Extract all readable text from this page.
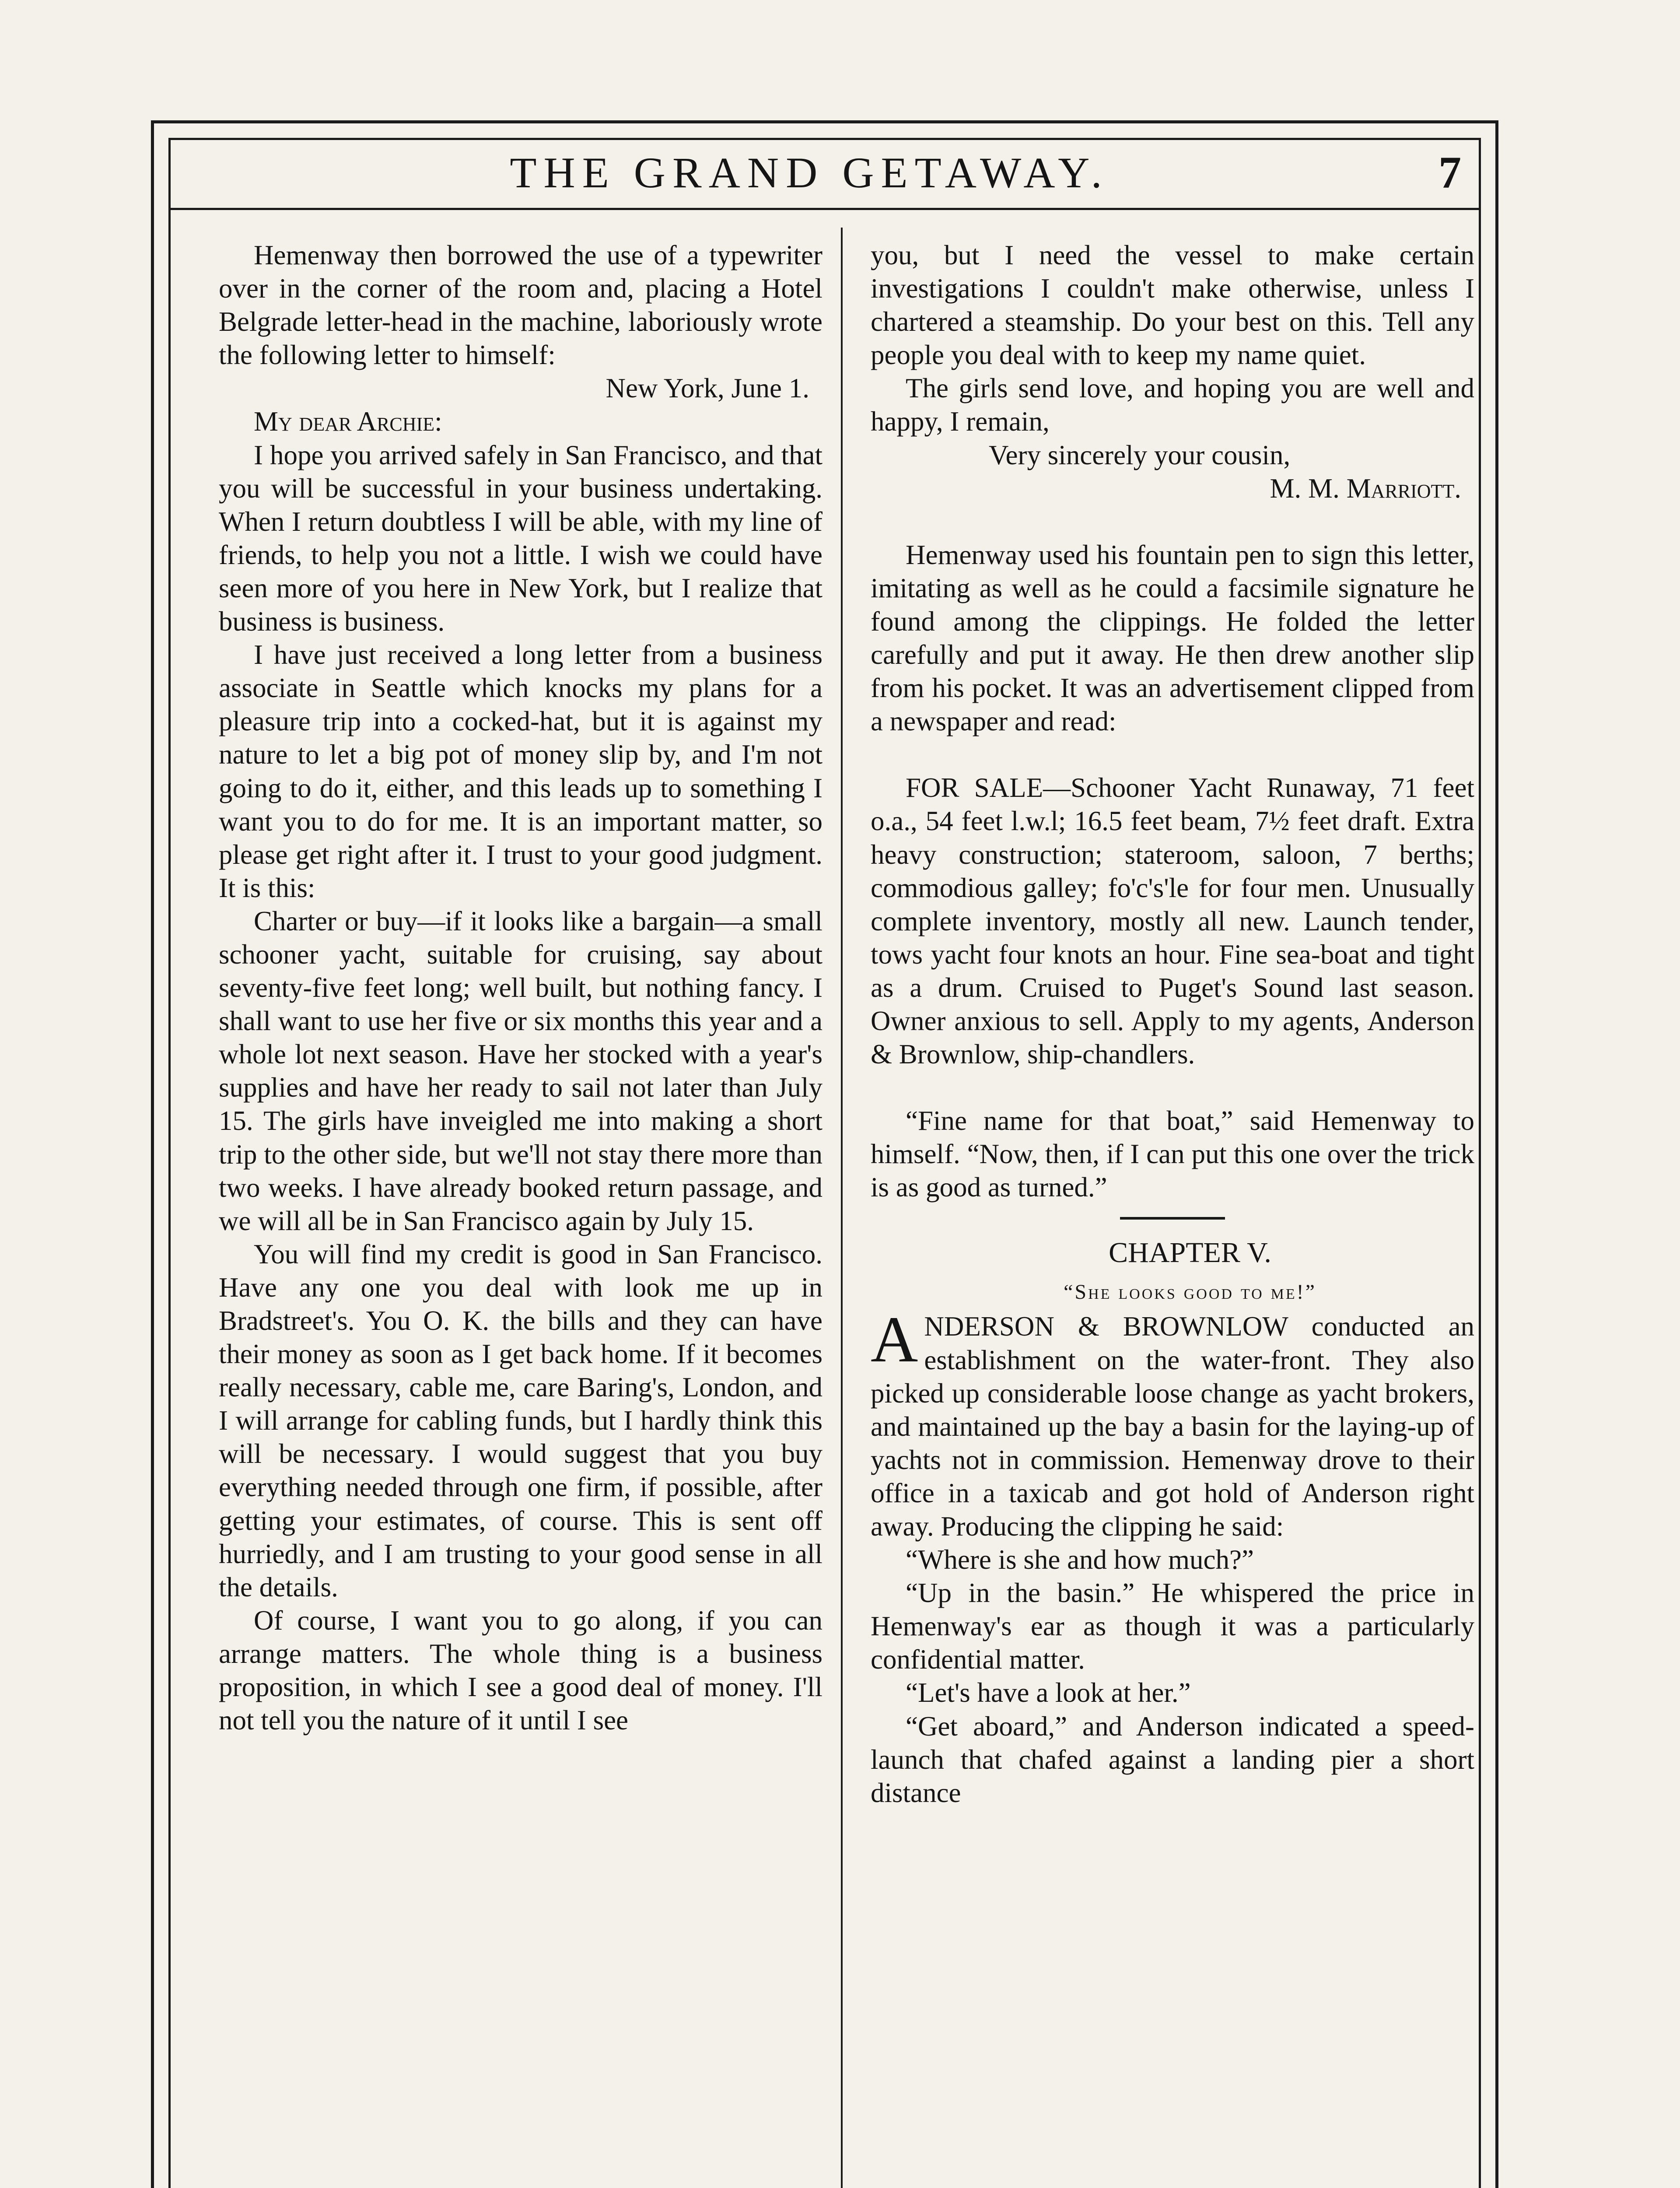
THE GRAND GETAWAY.	7

Hemenway then borrowed the use of a typewriter over in the corner of the room and, placing a Hotel Belgrade letter-head in the machine, laboriously wrote the following letter to himself:

New York, June 1.

My dear Archie:

I hope you arrived safely in San Francisco, and that you will be successful in your business undertaking. When I return doubtless I will be able, with my line of friends, to help you not a little. I wish we could have seen more of you here in New York, but I realize that business is business.

I have just received a long letter from a business associate in Seattle which knocks my plans for a pleasure trip into a cocked-hat, but it is against my nature to let a big pot of money slip by, and I'm not going to do it, either, and this leads up to something I want you to do for me. It is an important matter, so please get right after it. I trust to your good judgment. It is this:

Charter or buy—if it looks like a bargain—a small schooner yacht, suitable for cruising, say about seventy-five feet long; well built, but nothing fancy. I shall want to use her five or six months this year and a whole lot next season. Have her stocked with a year's supplies and have her ready to sail not later than July 15. The girls have inveigled me into making a short trip to the other side, but we'll not stay there more than two weeks. I have already booked return passage, and we will all be in San Francisco again by July 15.

You will find my credit is good in San Francisco. Have any one you deal with look me up in Bradstreet's. You O. K. the bills and they can have their money as soon as I get back home. If it becomes really necessary, cable me, care Baring's, London, and I will arrange for cabling funds, but I hardly think this will be necessary. I would suggest that you buy everything needed through one firm, if possible, after getting your estimates, of course. This is sent off hurriedly, and I am trusting to your good sense in all the details.

Of course, I want you to go along, if you can arrange matters. The whole thing is a business proposition, in which I see a good deal of money. I'll not tell you the nature of it until I see

you, but I need the vessel to make certain investigations I couldn't make otherwise, unless I chartered a steamship. Do your best on this. Tell any people you deal with to keep my name quiet.

The girls send love, and hoping you are well and happy, I remain,

Very sincerely your cousin,

M. M. Marriott.

Hemenway used his fountain pen to sign this letter, imitating as well as he could a facsimile signature he found among the clippings. He folded the letter carefully and put it away. He then drew another slip from his pocket. It was an advertisement clipped from a newspaper and read:

FOR SALE—Schooner Yacht Runaway, 71 feet o.a., 54 feet l.w.l; 16.5 feet beam, 7½ feet draft. Extra heavy construction; stateroom, saloon, 7 berths; commodious galley; fo'c's'le for four men. Unusually complete inventory, mostly all new. Launch tender, tows yacht four knots an hour. Fine sea-boat and tight as a drum. Cruised to Puget's Sound last season. Owner anxious to sell. Apply to my agents, Anderson & Brownlow, ship-chandlers.

“Fine name for that boat,” said Hemenway to himself. “Now, then, if I can put this one over the trick is as good as turned.”

CHAPTER V.

“She looks good to me!”

ANDERSON & BROWNLOW conducted an establishment on the water-front. They also picked up considerable loose change as yacht brokers, and maintained up the bay a basin for the laying-up of yachts not in commission. Hemenway drove to their office in a taxicab and got hold of Anderson right away. Producing the clipping he said:

“Where is she and how much?”

“Up in the basin.” He whispered the price in Hemenway's ear as though it was a particularly confidential matter.

“Let's have a look at her.”

“Get aboard,” and Anderson indicated a speed-launch that chafed against a landing pier a short distance
